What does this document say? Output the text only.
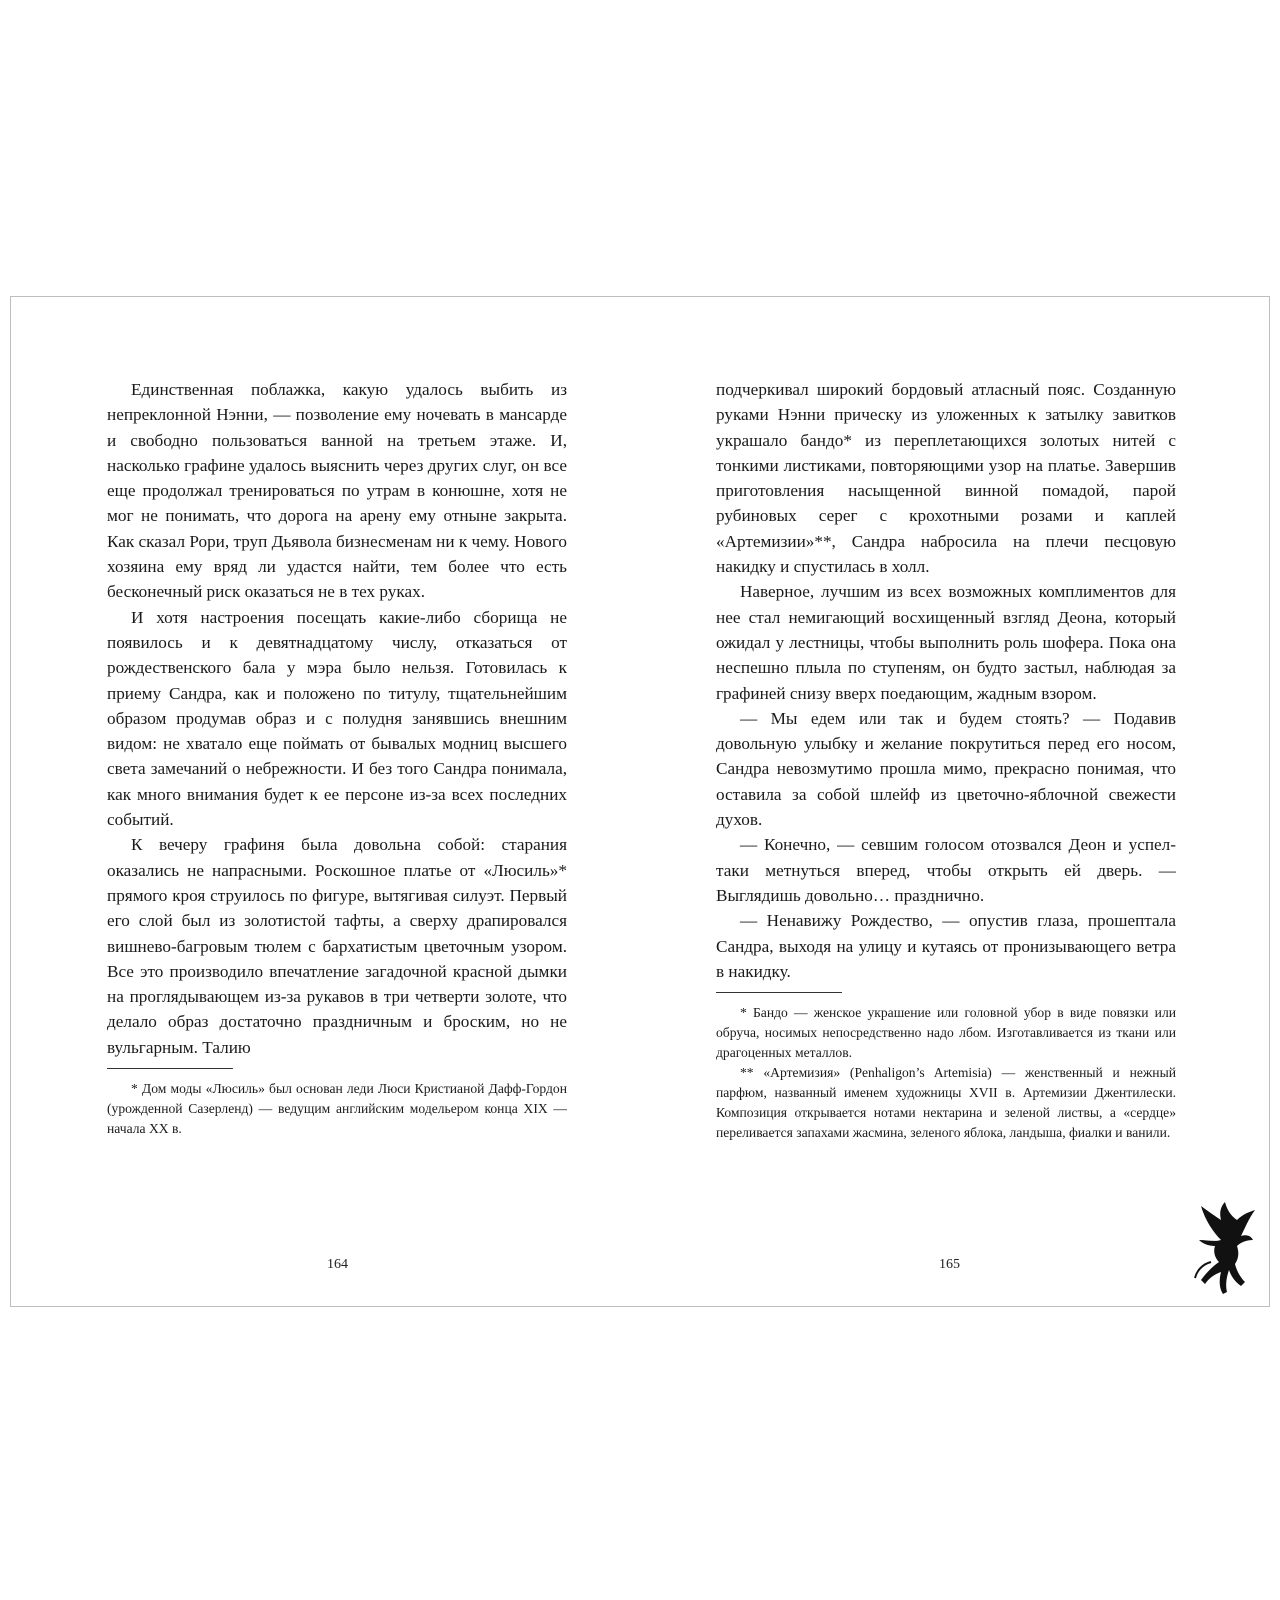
Единственная поблажка, какую удалось выбить из непреклонной Нэнни, — позволение ему ночевать в мансарде и свободно пользоваться ванной на третьем этаже. И, насколько графине удалось выяснить через других слуг, он все еще продолжал тренироваться по утрам в конюшне, хотя не мог не понимать, что дорога на арену ему отныне закрыта. Как сказал Рори, труп Дьявола бизнесменам ни к чему. Нового хозяина ему вряд ли удастся найти, тем более что есть бесконечный риск оказаться не в тех руках.

И хотя настроения посещать какие-либо сборища не появилось и к девятнадцатому числу, отказаться от рождественского бала у мэра было нельзя. Готовилась к приему Сандра, как и положено по титулу, тщательнейшим образом продумав образ и с полудня занявшись внешним видом: не хватало еще поймать от бывалых модниц высшего света замечаний о небрежности. И без того Сандра понимала, как много внимания будет к ее персоне из-за всех последних событий.

К вечеру графиня была довольна собой: старания оказались не напрасными. Роскошное платье от «Люсиль»* прямого кроя струилось по фигуре, вытягивая силуэт. Первый его слой был из золотистой тафты, а сверху драпировался вишнево-багровым тюлем с бархатистым цветочным узором. Все это производило впечатление загадочной красной дымки на проглядывающем из-за рукавов в три четверти золоте, что делало образ достаточно праздничным и броским, но не вульгарным. Талию

* Дом моды «Люсиль» был основан леди Люси Кристианой Дафф-Гордон (урожденной Сазерленд) — ведущим английским модельером конца XIX — начала XX в.

164

подчеркивал широкий бордовый атласный пояс. Созданную руками Нэнни прическу из уложенных к затылку завитков украшало бандо* из переплетающихся золотых нитей с тонкими листиками, повторяющими узор на платье. Завершив приготовления насыщенной винной помадой, парой рубиновых серег с крохотными розами и каплей «Артемизии»**, Сандра набросила на плечи песцовую накидку и спустилась в холл.

Наверное, лучшим из всех возможных комплиментов для нее стал немигающий восхищенный взгляд Деона, который ожидал у лестницы, чтобы выполнить роль шофера. Пока она неспешно плыла по ступеням, он будто застыл, наблюдая за графиней снизу вверх поедающим, жадным взором.

— Мы едем или так и будем стоять? — Подавив довольную улыбку и желание покрутиться перед его носом, Сандра невозмутимо прошла мимо, прекрасно понимая, что оставила за собой шлейф из цветочно-яблочной свежести духов.

— Конечно, — севшим голосом отозвался Деон и успел-таки метнуться вперед, чтобы открыть ей дверь. — Выглядишь довольно… празднично.

— Ненавижу Рождество, — опустив глаза, прошептала Сандра, выходя на улицу и кутаясь от пронизывающего ветра в накидку.

* Бандо — женское украшение или головной убор в виде повязки или обруча, носимых непосредственно надо лбом. Изготавливается из ткани или драгоценных металлов.

** «Артемизия» (Penhaligon’s Artemisia) — женственный и нежный парфюм, названный именем художницы XVII в. Артемизии Джентилески. Композиция открывается нотами нектарина и зеленой листвы, а «сердце» переливается запахами жасмина, зеленого яблока, ландыша, фиалки и ванили.

165
